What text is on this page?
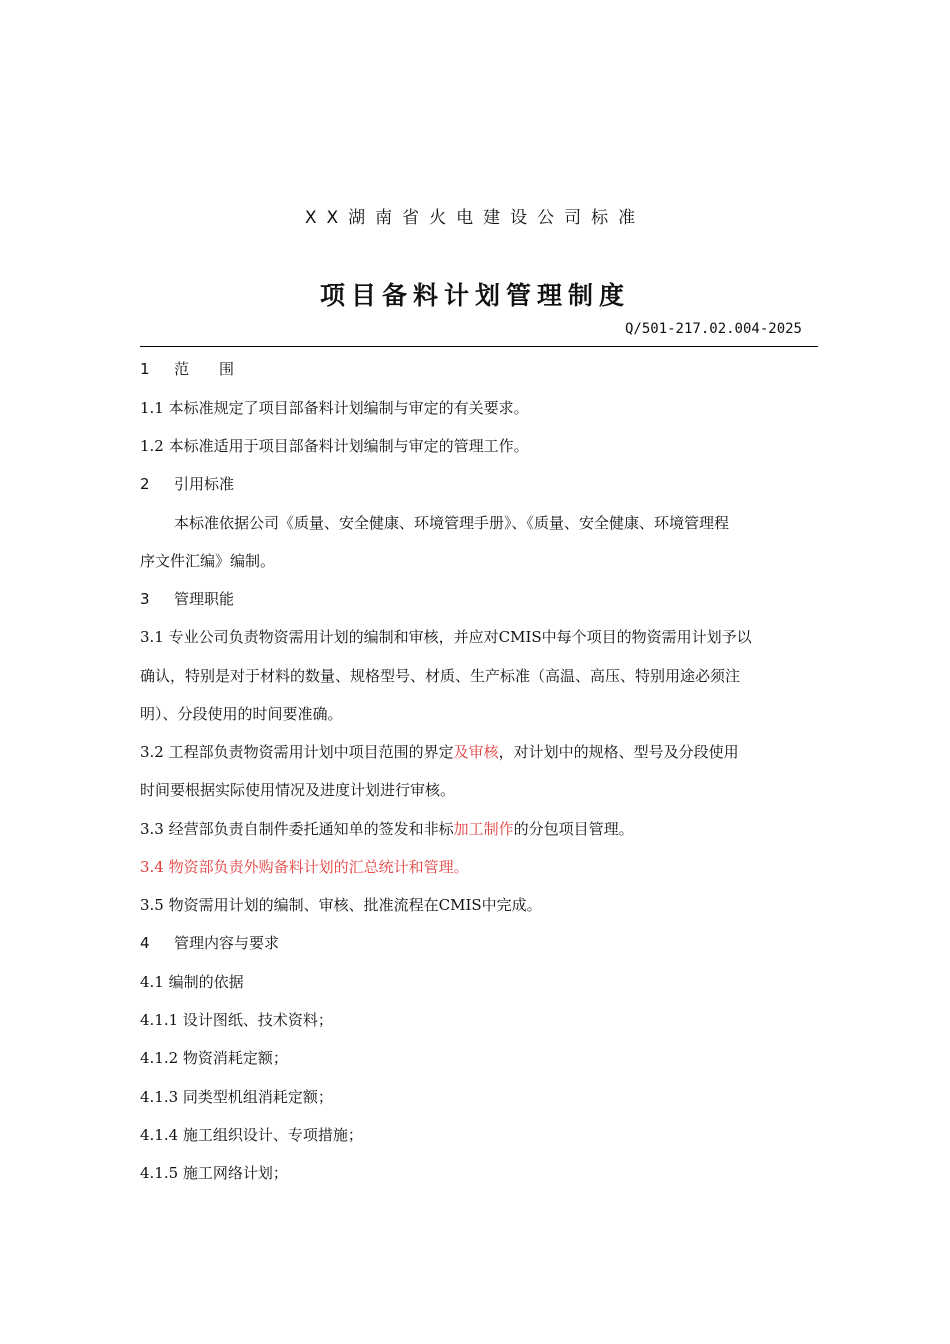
XX湖南省火电建设公司标准
项目备料计划管理制度
Q/501-217.02.004-2025
1 范　　围
1.1 本标准规定了项目部备料计划编制与审定的有关要求。
1.2 本标准适用于项目部备料计划编制与审定的管理工作。
2 引用标准
本标准依据公司《质量、安全健康、环境管理手册》、《质量、安全健康、环境管理程
序文件汇编》编制。
3 管理职能
3.1 专业公司负责物资需用计划的编制和审核，并应对CMIS中每个项目的物资需用计划予以
确认，特别是对于材料的数量、规格型号、材质、生产标准（高温、高压、特别用途必须注
明）、分段使用的时间要准确。
3.2 工程部负责物资需用计划中项目范围的界定及审核，对计划中的规格、型号及分段使用
时间要根据实际使用情况及进度计划进行审核。
3.3 经营部负责自制件委托通知单的签发和非标加工制作的分包项目管理。
3.4 物资部负责外购备料计划的汇总统计和管理。
3.5 物资需用计划的编制、审核、批准流程在CMIS中完成。
4 管理内容与要求
4.1 编制的依据
4.1.1 设计图纸、技术资料；
4.1.2 物资消耗定额；
4.1.3 同类型机组消耗定额；
4.1.4 施工组织设计、专项措施；
4.1.5 施工网络计划；
